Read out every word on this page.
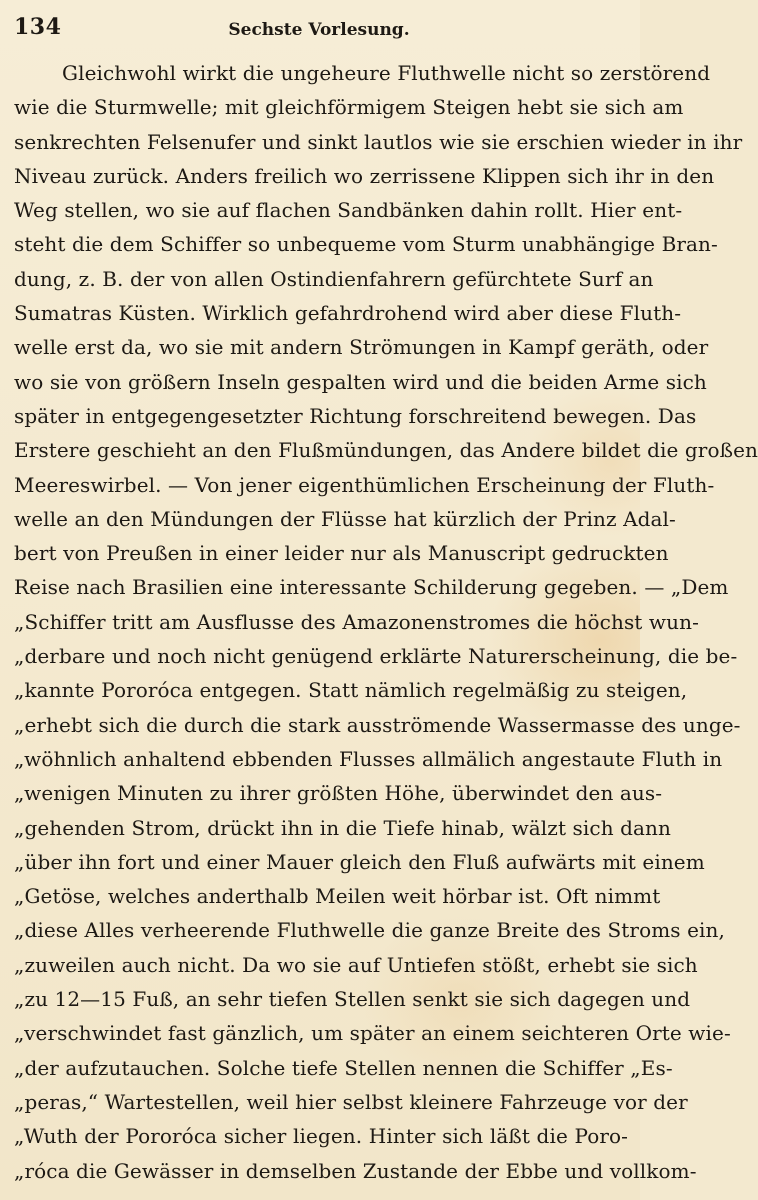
134	Sechste Vorlesung.
Gleichwohl wirkt die ungeheure Fluthwelle nicht so zerstörend
wie die Sturmwelle; mit gleichförmigem Steigen hebt sie sich am
senkrechten Felsenufer und sinkt lautlos wie sie erschien wieder in ihr
Niveau zurück. Anders freilich wo zerrissene Klippen sich ihr in den
Weg stellen, wo sie auf flachen Sandbänken dahin rollt. Hier ent-
steht die dem Schiffer so unbequeme vom Sturm unabhängige Bran-
dung, z. B. der von allen Ostindienfahrern gefürchtete Surf an
Sumatras Küsten. Wirklich gefahrdrohend wird aber diese Fluth-
welle erst da, wo sie mit andern Strömungen in Kampf geräth, oder
wo sie von größern Inseln gespalten wird und die beiden Arme sich
später in entgegengesetzter Richtung forschreitend bewegen. Das
Erstere geschieht an den Flußmündungen, das Andere bildet die großen
Meereswirbel. — Von jener eigenthümlichen Erscheinung der Fluth-
welle an den Mündungen der Flüsse hat kürzlich der Prinz Adal-
bert von Preußen in einer leider nur als Manuscript gedruckten
Reise nach Brasilien eine interessante Schilderung gegeben. — „Dem
„Schiffer tritt am Ausflusse des Amazonenstromes die höchst wun-
„derbare und noch nicht genügend erklärte Naturerscheinung, die be-
„kannte Pororóca entgegen. Statt nämlich regelmäßig zu steigen,
„erhebt sich die durch die stark ausströmende Wassermasse des unge-
„wöhnlich anhaltend ebbenden Flusses allmälich angestaute Fluth in
„wenigen Minuten zu ihrer größten Höhe, überwindet den aus-
„gehenden Strom, drückt ihn in die Tiefe hinab, wälzt sich dann
„über ihn fort und einer Mauer gleich den Fluß aufwärts mit einem
„Getöse, welches anderthalb Meilen weit hörbar ist. Oft nimmt
„diese Alles verheerende Fluthwelle die ganze Breite des Stroms ein,
„zuweilen auch nicht. Da wo sie auf Untiefen stößt, erhebt sie sich
„zu 12—15 Fuß, an sehr tiefen Stellen senkt sie sich dagegen und
„verschwindet fast gänzlich, um später an einem seichteren Orte wie-
„der aufzutauchen. Solche tiefe Stellen nennen die Schiffer „Es-
„peras,“ Wartestellen, weil hier selbst kleinere Fahrzeuge vor der
„Wuth der Pororóca sicher liegen. Hinter sich läßt die Poro-
„róca die Gewässer in demselben Zustande der Ebbe und vollkom-
